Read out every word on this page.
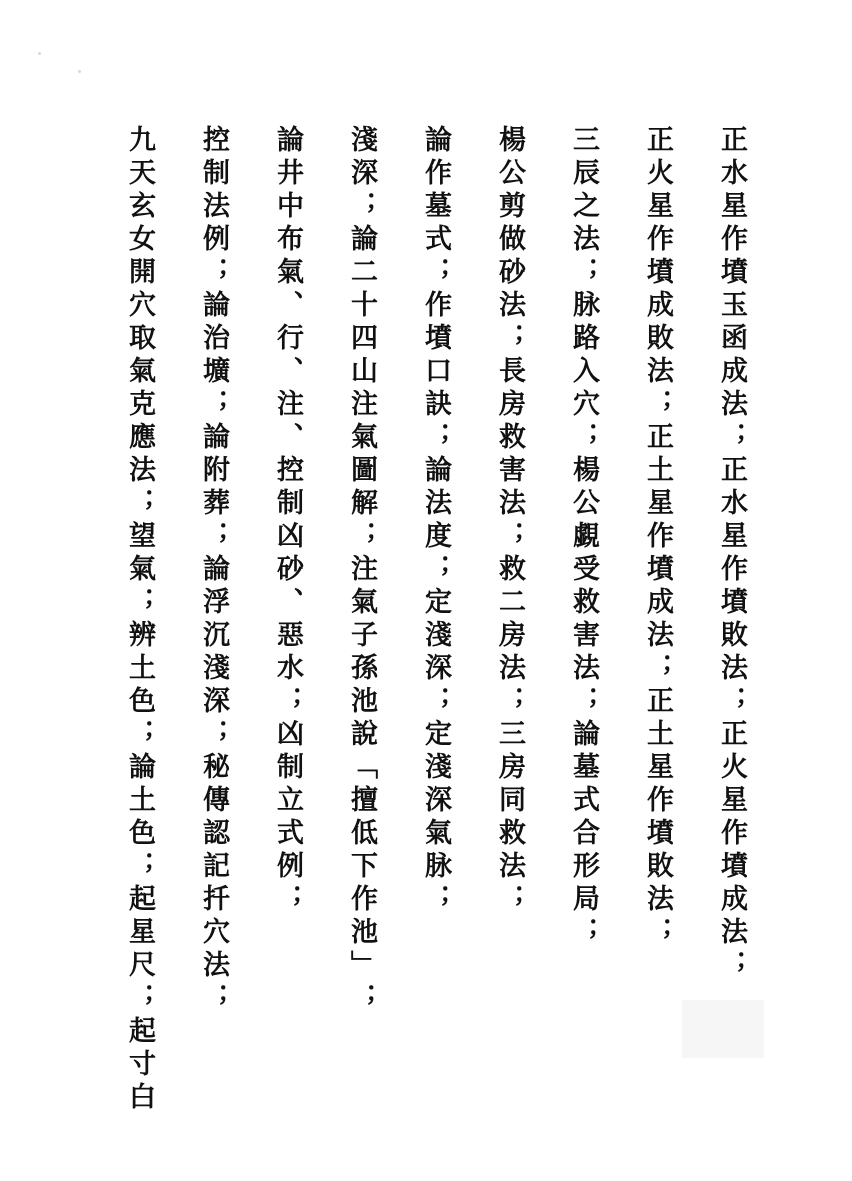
正水星作墳玉函成法；正水星作墳敗法；正火星作墳成法；
正火星作墳成敗法；正土星作墳成法；正土星作墳敗法；
三辰之法；脉路入穴；楊公覷受救害法；論墓式合形局；
楊公剪做砂法；長房救害法；救二房法；三房同救法；
論作墓式；作墳口訣；論法度；定淺深；定淺深氣脉；
淺深；論二十四山注氣圖解；注氣子孫池說「擅低下作池」；
論井中布氣、行、注、控制凶砂、惡水；凶制立式例；
控制法例；論治壙；論附葬；論浮沉淺深；秘傳認記扦穴法；
九天玄女開穴取氣克應法；望氣；辨土色；論土色；起星尺；起寸白
